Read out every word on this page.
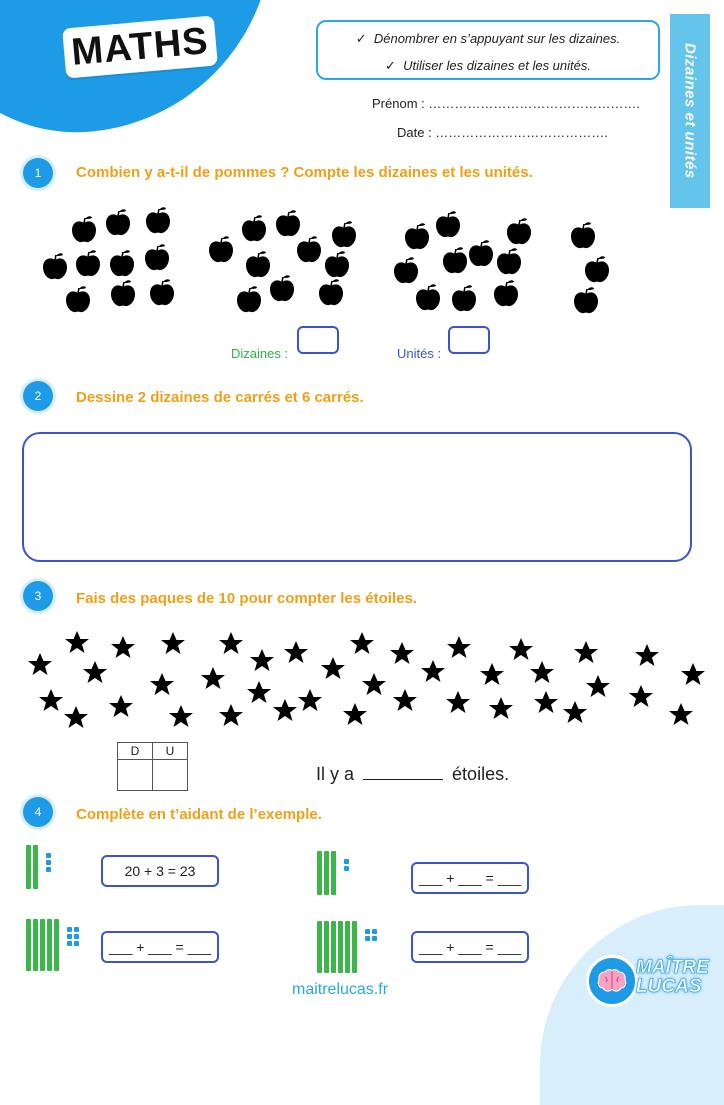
MATHS	✓  Dénombrer en s’appuyant sur les dizaines.
✓  Utiliser les dizaines et les unités.
Prénom : ………………………………………….
Date : ………………………………….	Dizaines et unités
1	Combien y a-t-il de pommes ? Compte les dizaines et les unités.
Dizaines :	Unités :
2	Dessine 2 dizaines de carrés et 6 carrés.
3	Fais des paques de 10 pour compter les étoiles.
D	U

Il y a	étoiles.
4	Complète en t’aidant de l’exemple.
20 + 3 = 23	___ + ___ = ___
___ + ___ = ___	___ + ___ = ___
maitrelucas.fr
MAÎTRE
LUCAS
